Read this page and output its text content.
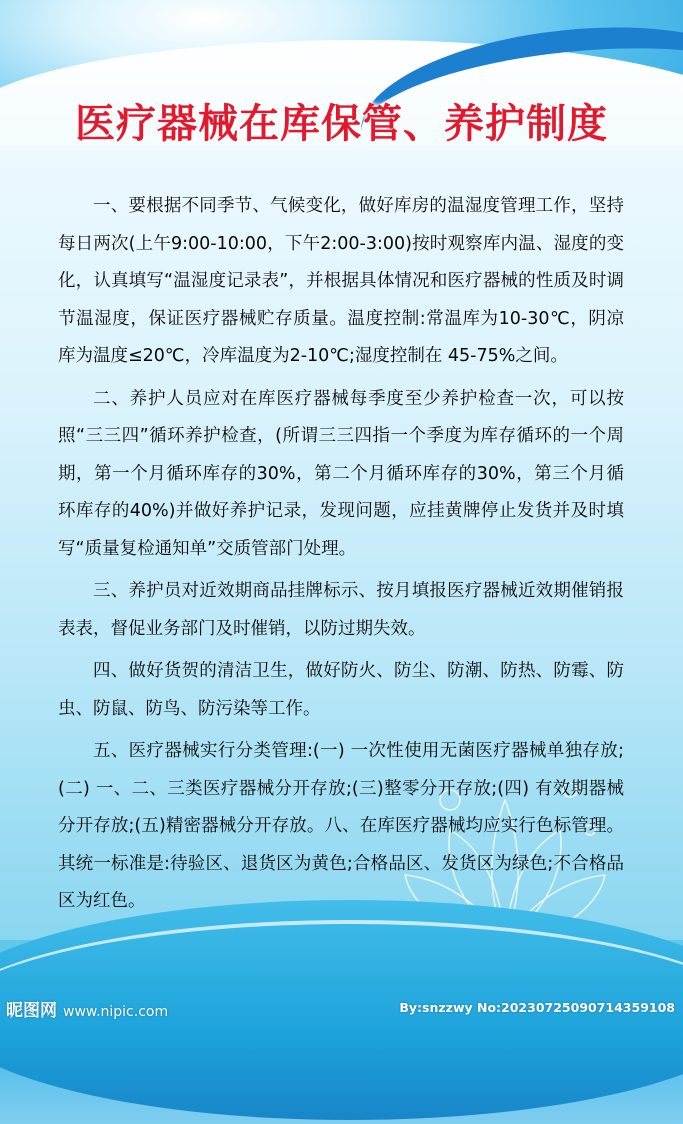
医疗器械在库保管、养护制度

一、要根据不同季节、气候变化，做好库房的温湿度管理工作，坚持每日两次(上午9:00-10:00，下午2:00-3:00)按时观察库内温、湿度的变化，认真填写“温湿度记录表”，并根据具体情况和医疗器械的性质及时调节温湿度，保证医疗器械贮存质量。温度控制:常温库为10-30℃，阴凉库为温度≤20℃，冷库温度为2-10℃;湿度控制在 45-75%之间。

二、养护人员应对在库医疗器械每季度至少养护检查一次，可以按照“三三四”循环养护检查，(所谓三三四指一个季度为库存循环的一个周期，第一个月循环库存的30%，第二个月循环库存的30%，第三个月循环库存的40%)并做好养护记录，发现问题，应挂黄牌停止发货并及时填写“质量复检通知单”交质管部门处理。

三、养护员对近效期商品挂牌标示、按月填报医疗器械近效期催销报表表，督促业务部门及时催销，以防过期失效。

四、做好货贺的清洁卫生，做好防火、防尘、防潮、防热、防霉、防虫、防鼠、防鸟、防污染等工作。

五、医疗器械实行分类管理:(一) 一次性使用无菌医疗器械单独存放;(二) 一、二、三类医疗器械分开存放;(三)整零分开存放;(四) 有效期器械分开存放;(五)精密器械分开存放。八、在库医疗器械均应实行色标管理。其统一标准是:待验区、退货区为黄色;合格品区、发货区为绿色;不合格品区为红色。

昵图网 www.nipic.com	By:snzzwy No:20230725090714359108
